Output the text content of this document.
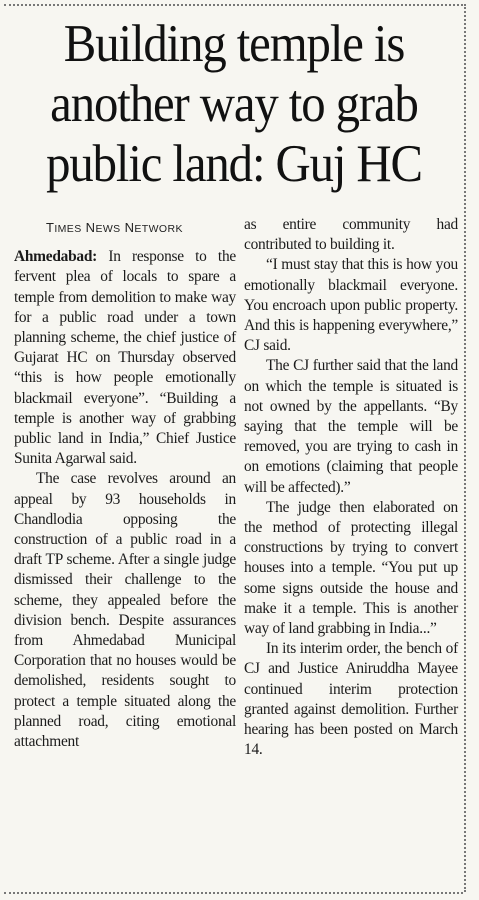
Building temple is another way to grab public land: Guj HC
TIMES NEWS NETWORK

Ahmedabad: In response to the fervent plea of locals to spare a temple from demolition to make way for a public road under a town planning scheme, the chief justice of Gujarat HC on Thursday observed “this is how people emotionally blackmail everyone”. “Building a temple is another way of grabbing public land in India,” Chief Justice Sunita Agarwal said.

The case revolves around an appeal by 93 households in Chandlodia opposing the construction of a public road in a draft TP scheme. After a single judge dismissed their challenge to the scheme, they appealed before the division bench. Despite assurances from Ahmedabad Municipal Corporation that no houses would be demolished, residents sought to protect a temple situated along the planned road, citing emotional attachment

as entire community had contributed to building it.

“I must stay that this is how you emotionally blackmail everyone. You encroach upon public property. And this is happening everywhere,” CJ said.

The CJ further said that the land on which the temple is situated is not owned by the appellants. “By saying that the temple will be removed, you are trying to cash in on emotions (claiming that people will be affected).”

The judge then elaborated on the method of protecting illegal constructions by trying to convert houses into a temple. “You put up some signs outside the house and make it a temple. This is another way of land grabbing in India...”

In its interim order, the bench of CJ and Justice Aniruddha Mayee continued interim protection granted against demolition. Further hearing has been posted on March 14.
